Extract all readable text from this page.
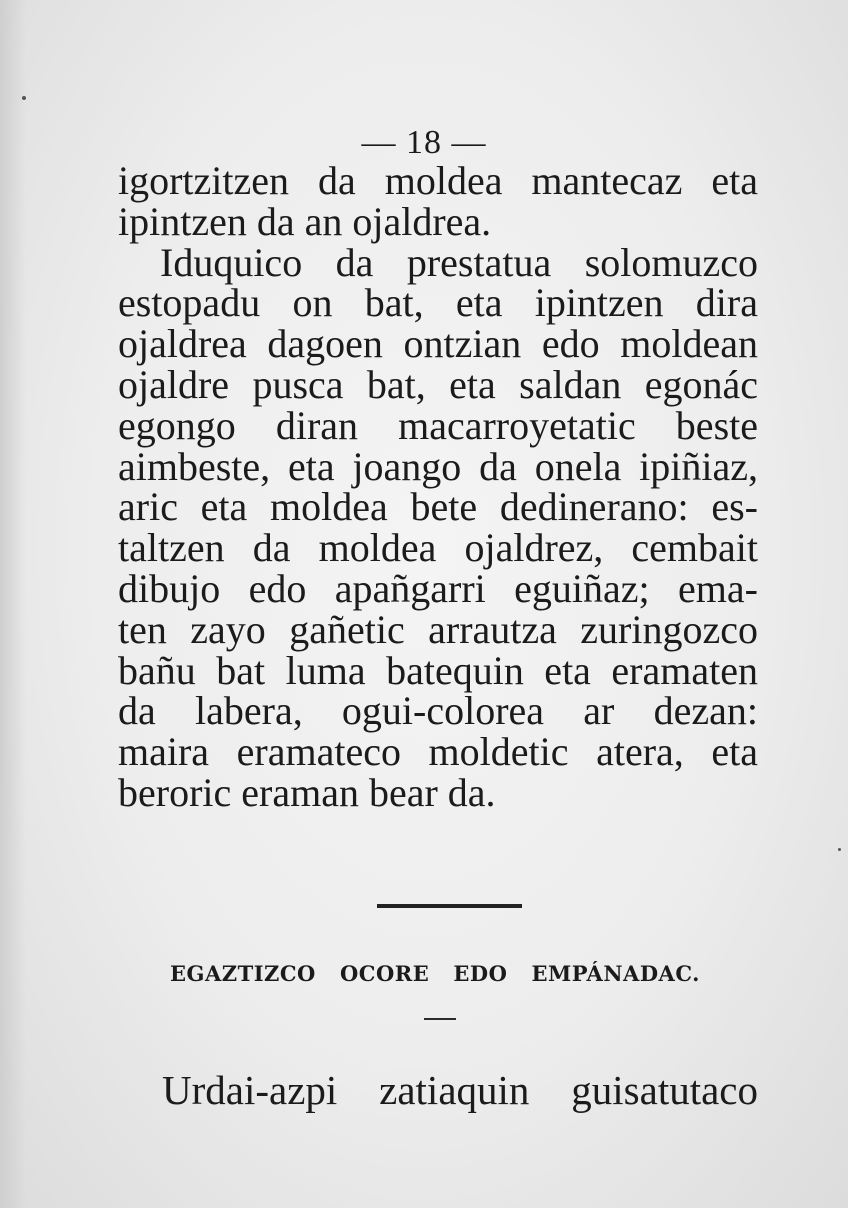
— 18 —
igortzitzen da moldea mantecaz eta
ipintzen da an ojaldrea.
Iduquico da prestatua solomuzco
estopadu on bat, eta ipintzen dira
ojaldrea dagoen ontzian edo moldean
ojaldre pusca bat, eta saldan egonác
egongo diran macarroyetatic beste
aimbeste, eta joango da onela ipiñiaz,
aric eta moldea bete dedinerano: es-
taltzen da moldea ojaldrez, cembait
dibujo edo apañgarri eguiñaz; ema-
ten zayo gañetic arrautza zuringozco
bañu bat luma batequin eta eramaten
da labera, ogui-colorea ar dezan:
maira eramateco moldetic atera, eta
beroric eraman bear da.
EGAZTIZCO OCORE EDO EMPÁNADAC.
Urdai-azpi zatiaquin guisatutaco
